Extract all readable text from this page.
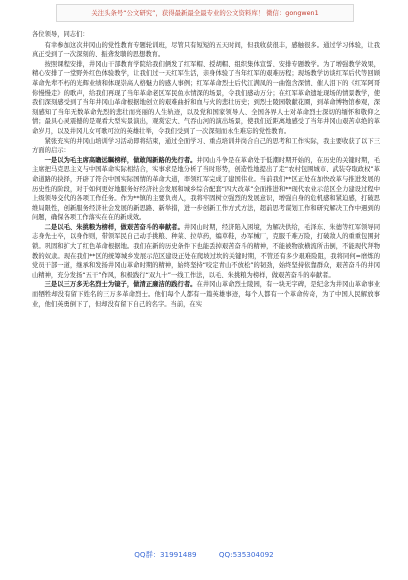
关注头条号“公文研究”，获得最新最全最专业的公文资料库！ 微信：gongwen1

各位领导，同志们：

有幸参加这次井冈山的党性教育专题轮训班，尽管只有短短的五天时间，但我收获很丰，感触很多。通过学习体验，让我真正受到了一次深刻的、振聋发聩的思想教育。

按照课程安排，井冈山干部教育学院给我们俩发了红军帽、授胡帽、组织集体宣誓、安排专题教学。为了增强教学效果，精心安排了一堂野外红色体验教学，让我们过一天红军生活，亲身体验了当年红军的艰难历程；现场教学访谈红军后代等回顾革命先辈不朽的光辉业绩和体现崇高人格魅力的感人事例；红军革命烈士后代江满凤的一曲饱含深情、催人泪下的《红军阿哥你慢慢走》的歌声，给我们再现了当年革命老区军民鱼水情深的场景，令我们感动万分；在红军革命遗址现场的情景教学，使我们深刻感受到了当年井冈山革命根据地创立的艰难曲折和血与火的悲壮历史；到烈士陵园敬献花圈，到革命博物馆参观，深刻感知了当年无数革命先烈的悲壮而亮丽的人生轨迹，以及党和国家领导人、全国各界人士对革命烈士深切的缅怀和敬仰之情；最具心灵震撼的是观看大型实景演出，观赏宏大、气吞山河的演出场景，使我们近距离地感受了当年井冈山艰苦卓绝的革命岁月，以及井冈儿女可歌可泣的英雄壮举，令我们受到了一次深刻而永生难忘的党性教育。

紧张充实的井冈山培训学习活动即将结束，通过全面学习、重点培训井岗合自己的思考和工作实际，我主要收获了以下三方面的启示：

一是以为毛主席高瞻远瞩榜样，做敢闯新路的先行者。井冈山斗争是在革命处于低潮时期开始的，在历史的关键时期，毛主席把马克思主义与中国革命实际相结合，实事求是地分析了当时形势，创造性地提出了走“农村包围城市、武装夺取政权”革命道路的抉择，开辟了符合中国实际国情的革命大道，率领红军完成了建国伟业。当前我们**区正处在加快改革与推进发展的历史性的阶段，对于如何更好地服务好经济社会发展和城乡综合配套“四大改革”全面推进和**现代农业示范区全力建设过程中上级领导交代的各项工作任务。作为**镇的主要负责人，我将牢固树立强烈的发展意识，增强自身的危机感和紧迫感，打破思维局限性，创新服务经济社会发展的新思路、新举措，进一步创新工作方式方法，超前思考谋划工作和研究解决工作中遇到的问题，确保各项工作落实在在的新成效。

二是以毛、朱挑粮为榜样，做艰苦奋斗的奉献者。井冈山时期，经济陷入困境，为解决供给，毛泽东、朱德等红军领导同志身先士卒，以身作则，带领军民自己动手挑粮、种菜、拉草药，编草鞋，办军械厂，克服千难万险，打破敌人的重重包围封锁。巩固和扩大了红色革命根据地。我们在新的历史条件下也能丢掉艰苦奋斗的精神，不能被物欲横流所击倒，不能现代拜物教的奴隶。现在我们**区的统筹城乡发展示范区建设正处在爬坡过坎的关键时期，不管还有多少艰难险阻，我将同何=磨炼的党员干部一道，继承和发扬井冈山革命时期的精神，始终坚持“咬定青山不放松”的韧劲，始终坚持依靠群众，艰苦奋斗的井冈山精神，充分发扬“五干”作风，积极践行“双九十”一线工作法，以毛、朱挑粮为榜样，做艰苦奋斗的奉献者。

三是以三万多无名烈士为镜子，做清正廉洁的践行者。在井冈山革命烈士陵园，有一块无字碑，是纪念为井冈山革命事业而牺牲却没有留下姓名的三万多革命烈士。他们每个人都有一篇英雄事迹，每个人都有一个革命传奇，为了中国人民解放事业，他们英勇倒下了，但却没有留下自己的名字。当前，在实

QQ群：31991489	QQ:535304092
